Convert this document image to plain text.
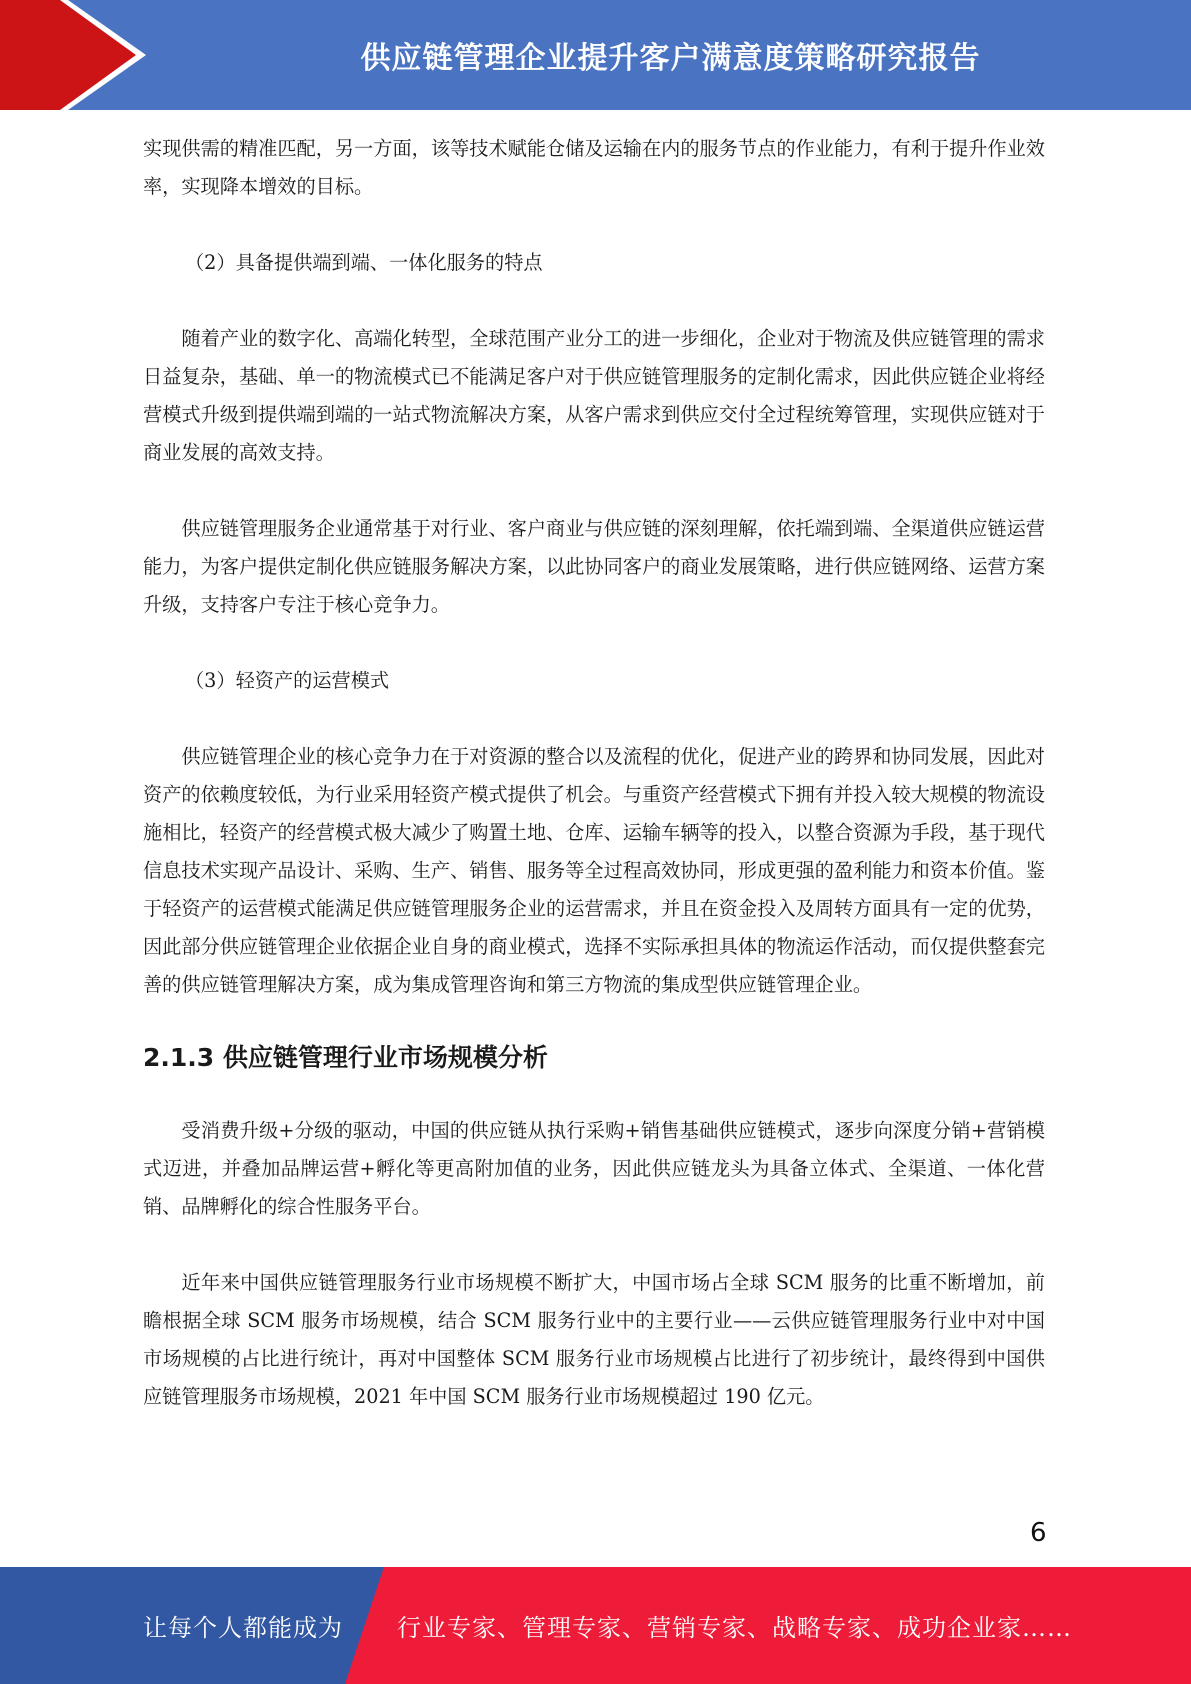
供应链管理企业提升客户满意度策略研究报告

实现供需的精准匹配，另一方面，该等技术赋能仓储及运输在内的服务节点的作业能力，有利于提升作业效率，实现降本增效的目标。

（2）具备提供端到端、一体化服务的特点

随着产业的数字化、高端化转型，全球范围产业分工的进一步细化，企业对于物流及供应链管理的需求日益复杂，基础、单一的物流模式已不能满足客户对于供应链管理服务的定制化需求，因此供应链企业将经营模式升级到提供端到端的一站式物流解决方案，从客户需求到供应交付全过程统筹管理，实现供应链对于商业发展的高效支持。

供应链管理服务企业通常基于对行业、客户商业与供应链的深刻理解，依托端到端、全渠道供应链运营能力，为客户提供定制化供应链服务解决方案，以此协同客户的商业发展策略，进行供应链网络、运营方案升级，支持客户专注于核心竞争力。

（3）轻资产的运营模式

供应链管理企业的核心竞争力在于对资源的整合以及流程的优化，促进产业的跨界和协同发展，因此对资产的依赖度较低，为行业采用轻资产模式提供了机会。与重资产经营模式下拥有并投入较大规模的物流设施相比，轻资产的经营模式极大减少了购置土地、仓库、运输车辆等的投入，以整合资源为手段，基于现代信息技术实现产品设计、采购、生产、销售、服务等全过程高效协同，形成更强的盈利能力和资本价值。鉴于轻资产的运营模式能满足供应链管理服务企业的运营需求，并且在资金投入及周转方面具有一定的优势，因此部分供应链管理企业依据企业自身的商业模式，选择不实际承担具体的物流运作活动，而仅提供整套完善的供应链管理解决方案，成为集成管理咨询和第三方物流的集成型供应链管理企业。

2.1.3 供应链管理行业市场规模分析

受消费升级+分级的驱动，中国的供应链从执行采购+销售基础供应链模式，逐步向深度分销+营销模式迈进，并叠加品牌运营+孵化等更高附加值的业务，因此供应链龙头为具备立体式、全渠道、一体化营销、品牌孵化的综合性服务平台。

近年来中国供应链管理服务行业市场规模不断扩大，中国市场占全球 SCM 服务的比重不断增加，前瞻根据全球 SCM 服务市场规模，结合 SCM 服务行业中的主要行业——云供应链管理服务行业中对中国市场规模的占比进行统计，再对中国整体 SCM 服务行业市场规模占比进行了初步统计，最终得到中国供应链管理服务市场规模，2021 年中国 SCM 服务行业市场规模超过 190 亿元。

6
让每个人都能成为 行业专家、管理专家、营销专家、战略专家、成功企业家……
